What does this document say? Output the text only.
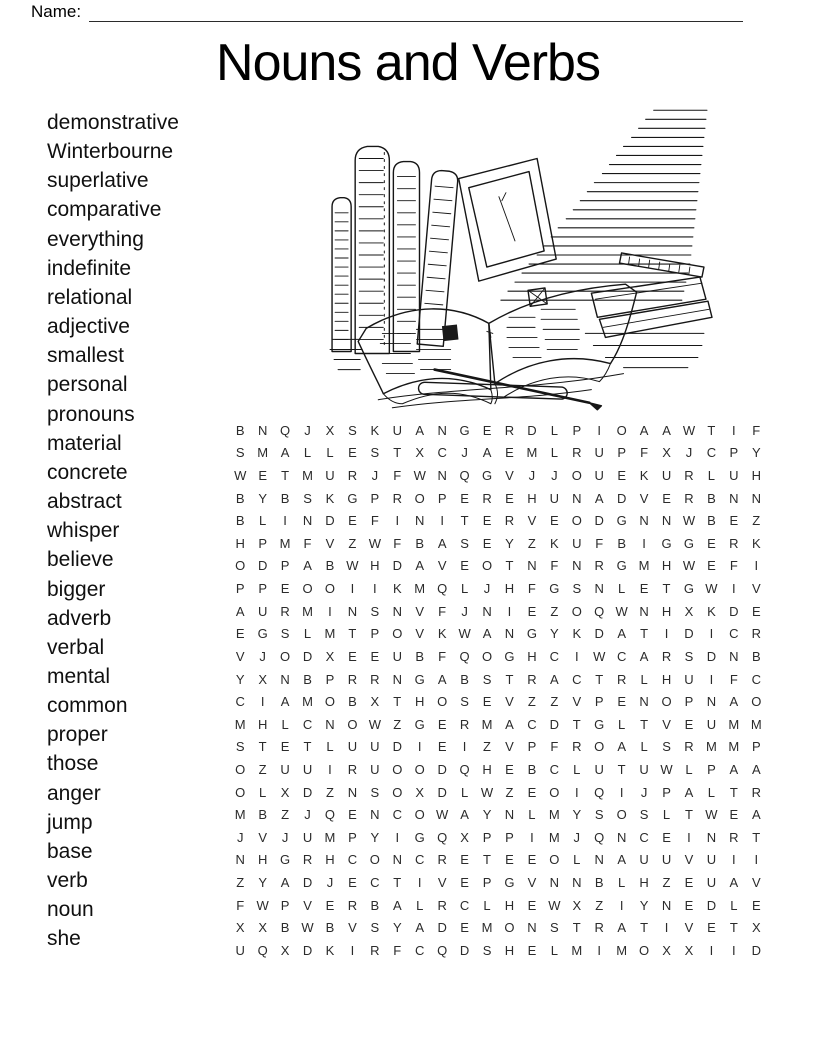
Name:
Nouns and Verbs
demonstrative
Winterbourne
superlative
comparative
everything
indefinite
relational
adjective
smallest
personal
pronouns
material
concrete
abstract
whisper
believe
bigger
adverb
verbal
mental
common
proper
those
anger
jump
base
verb
noun
she
B	N Q	J	X	S	K	U	A	N G	E	R	D	L	P	I	O	A	A W T	I	F
S M A	L	L	E	S	T	X	C	J	A	E M	L	R	U	P	F	X	J	C	P	Y
W E	T	M U	R	J	F W N Q G	V	J	J	O U	E	K	U	R	L	U	H
B	Y	B	S	K	G	P	R O	P	E	R	E	H	U	N	A	D	V	E	R	B	N	N
B	L	I	N	D	E	F	I	N	I	T	E	R	V	E	O D G N	N W B	E	Z
H	P M	F	V	Z W F	B	A	S	E	Y	Z	K	U	F	B	I	G G	E	R	K
O D	P	A	B W H	D	A	V	E	O	T	N	F	N	R G M H W E	F	I
P	P	E	O O	I	I	K M Q	L	J	H	F	G	S	N	L	E	T	G W	I	V
A	U	R M	I	N	S	N	V	F	J	N	I	E	Z	O Q W N	H	X	K	D	E
E	G	S	L	M	T	P	O	V	K W A	N G	Y	K	D	A	T	I	D	I	C	R
V	J	O D	X	E	E	U	B	F	Q O G H	C	I	W C	A	R	S	D	N	B
Y	X	N	B	P	R	R	N G	A	B	S	T	R	A	C	T	R	L	H	U	I	F	C
C	I	A M O	B	X	T	H O	S	E	V	Z	Z	V	P	E	N O	P	N	A	O
M H	L	C	N O W Z	G	E	R M A	C	D	T	G	L	T	V	E	U M M
S	T	E	T	L	U	U	D	I	E	I	Z	V	P	F	R O	A	L	S	R M M P
O	Z	U	U	I	R	U O O D Q H	E	B	C	L	U	T	U W L	P	A	A
O	L	X	D	Z	N	S	O	X	D	L W Z	E	O	I	Q	I	J	P	A	L	T	R
M B	Z	J	Q	E	N	C O W A	Y	N	L	M Y	S	O	S	L	T W E	A
J	V	J	U M P	Y	I	G Q	X	P	P	I	M	J	Q N	C	E	I	N	R	T
N	H G R	H	C O N	C	R	E	T	E	E	O	L	N	A	U	U	V	U	I	I
Z	Y	A	D	J	E	C	T	I	V	E	P	G	V	N	N	B	L	H	Z	E	U	A	V
F W P	V	E	R	B	A	L	R	C	L	H	E W X	Z	I	Y	N	E	D	L	E
X	X	B W B	V	S	Y	A	D	E M O N	S	T	R	A	T	I	V	E	T	X
U Q	X	D	K	I	R	F	C Q D	S	H	E	L	M	I	M O	X	X	I	I	D
